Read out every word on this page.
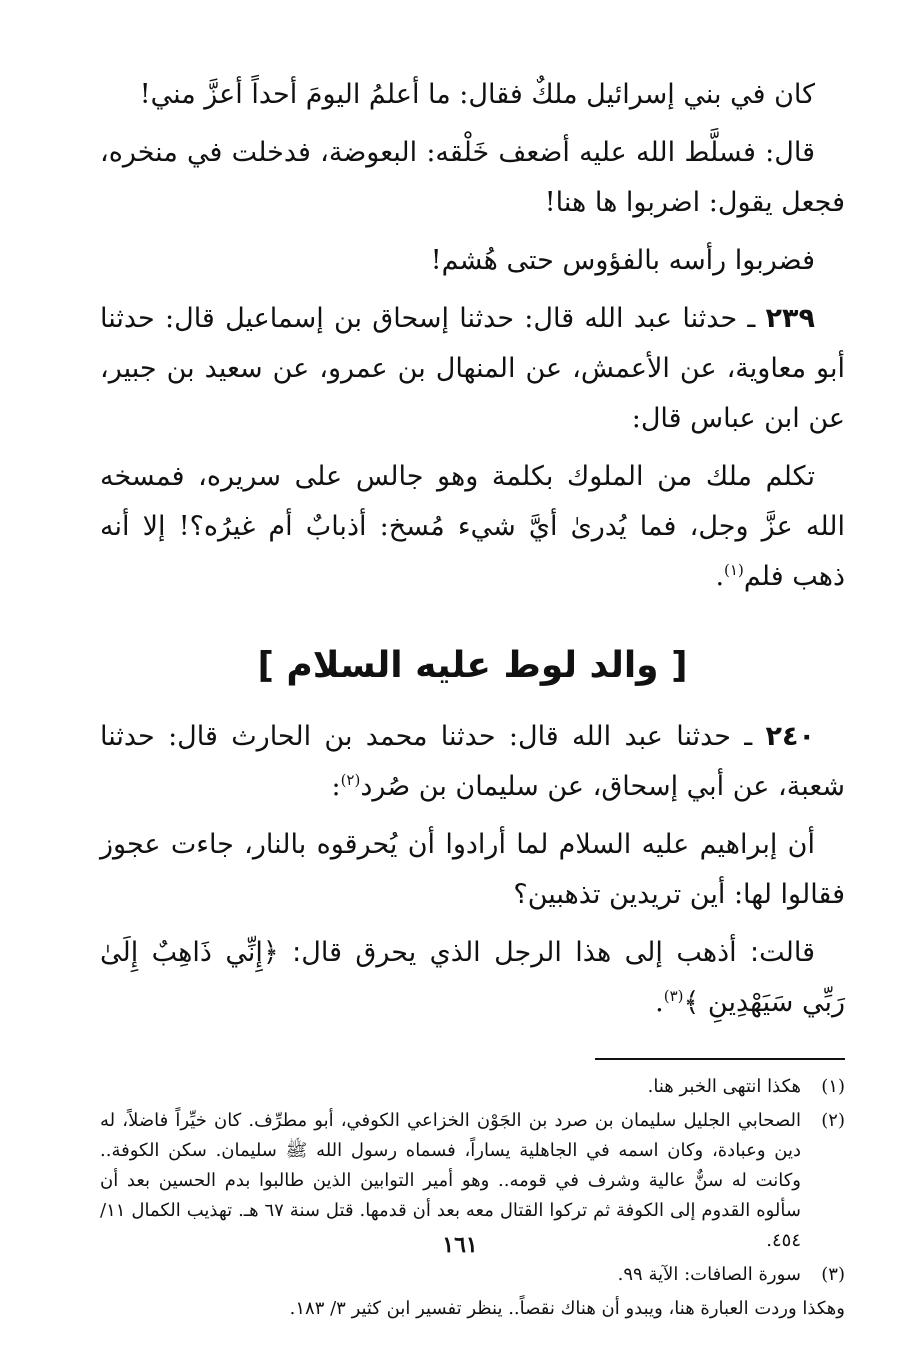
كان في بني إسرائيل ملكٌ فقال: ما أعلمُ اليومَ أحداً أعزَّ مني!

قال: فسلَّط الله عليه أضعف خَلْقه: البعوضة، فدخلت في منخره، فجعل يقول: اضربوا ها هنا!

فضربوا رأسه بالفؤوس حتى هُشم!

٢٣٩ ـ حدثنا عبد الله قال: حدثنا إسحاق بن إسماعيل قال: حدثنا أبو معاوية، عن الأعمش، عن المنهال بن عمرو، عن سعيد بن جبير، عن ابن عباس قال:

تكلم ملك من الملوك بكلمة وهو جالس على سريره، فمسخه الله عزَّ وجل، فما يُدرىٰ أيَّ شيء مُسخ: أذبابٌ أم غيرُه؟! إلا أنه ذهب فلم$^{(١)}$.

[ والد لوط عليه السلام ]

٢٤٠ ـ حدثنا عبد الله قال: حدثنا محمد بن الحارث قال: حدثنا شعبة، عن أبي إسحاق، عن سليمان بن صُرد$^{(٢)}$:

أن إبراهيم عليه السلام لما أرادوا أن يُحرقوه بالنار، جاءت عجوز فقالوا لها: أين تريدين تذهبين؟

قالت: أذهب إلى هذا الرجل الذي يحرق قال: ﴿إِنِّي ذَاهِبٌ إِلَىٰ رَبِّي سَيَهْدِينِ ﴾$^{(٣)}$.

(١)
هكذا انتهى الخبر هنا.
(٢)
الصحابي الجليل سليمان بن صرد بن الجَوْن الخزاعي الكوفي، أبو مطرِّف. كان خيِّراً فاضلاً، له دين وعبادة، وكان اسمه في الجاهلية يساراً، فسماه رسول الله ﷺ سليمان. سكن الكوفة.. وكانت له سنٌّ عالية وشرف في قومه.. وهو أمير التوابين الذين طالبوا بدم الحسين بعد أن سألوه القدوم إلى الكوفة ثم تركوا القتال معه بعد أن قدمها. قتل سنة ٦٧ هـ. تهذيب الكمال ١١/ ٤٥٤.
(٣)
سورة الصافات: الآية ٩٩.
وهكذا وردت العبارة هنا، ويبدو أن هناك نقصاً.. ينظر تفسير ابن كثير ٣/ ١٨٣.
١٦١
